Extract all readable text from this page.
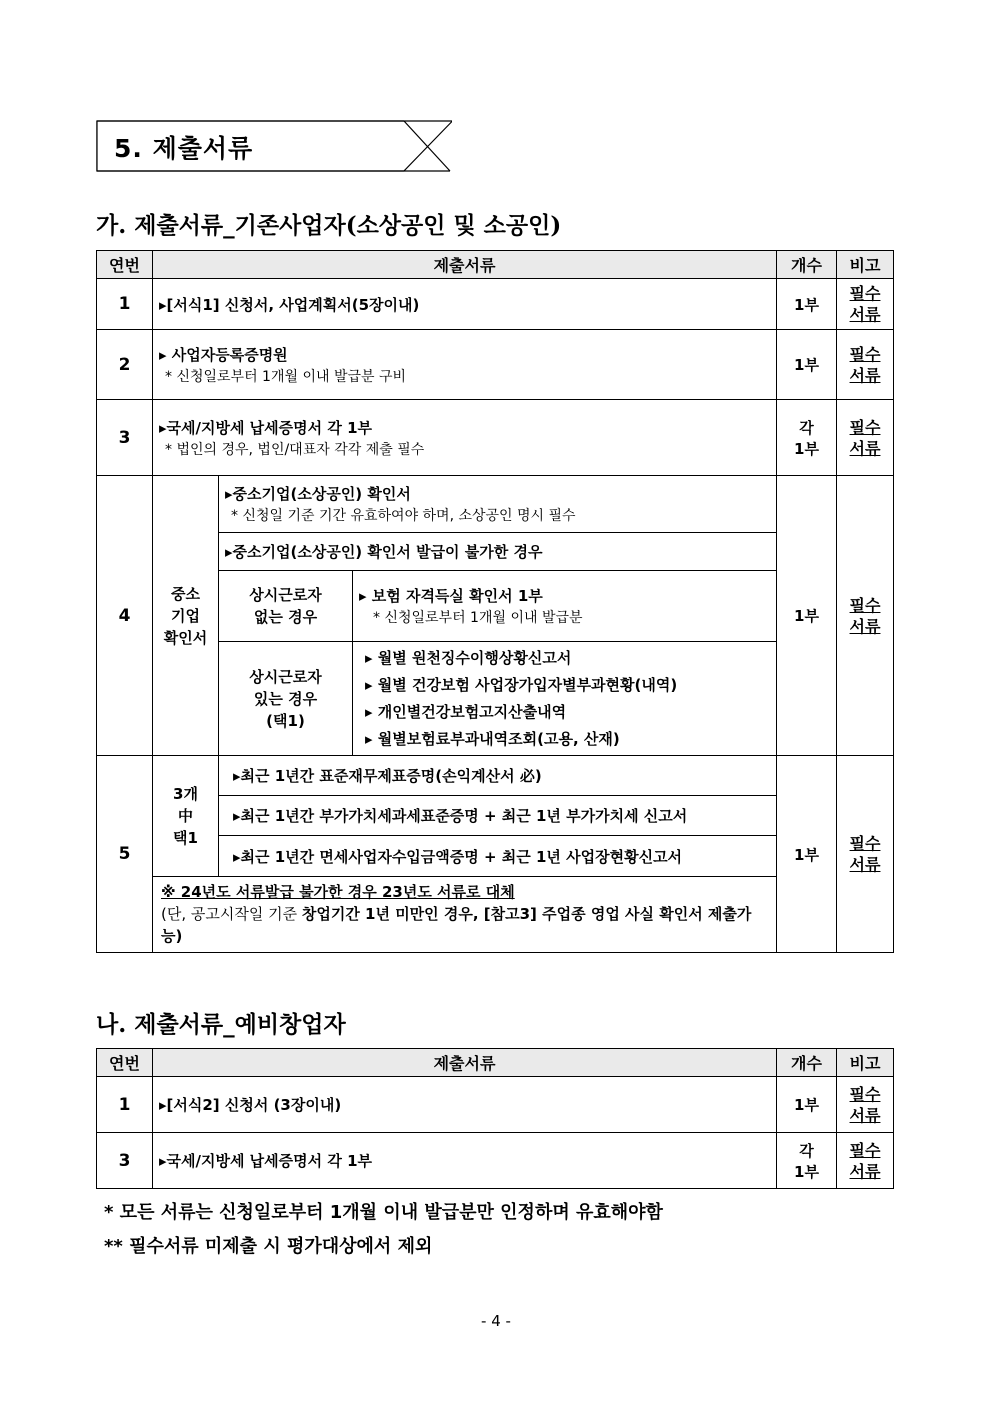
5. 제출서류
가. 제출서류_기존사업자(소상공인 및 소공인)
연번	제출서류			개수	비고
1	▸[서식1] 신청서, 사업계획서(5장이내)			1부	필수
서류

2	▸ 사업자등록증명원
* 신청일로부터 1개월 이내 발급분 구비			1부	필수
서류

3	▸국세/지방세 납세증명서 각 1부
* 법인의 경우, 법인/대표자 각각 제출 필수			각
1부	필수
서류

4	중소
기업
확인서	▸중소기업(소상공인) 확인서
* 신청일 기준 기간 유효하여야 하며, 소상공인 명시 필수		1부	필수
서류

		▸중소기업(소상공인) 확인서 발급이 불가한 경우			

		상시근로자
없는 경우	▸ 보험 자격득실 확인서 1부
* 신청일로부터 1개월 이내 발급분		

		상시근로자
있는 경우
(택1)	▸ 월별 원천징수이행상황신고서
▸ 월별 건강보험 사업장가입자별부과현황(내역)
▸ 개인별건강보험고지산출내역
▸ 월별보험료부과내역조회(고용, 산재)		

5	3개
中
택1	▸최근 1년간 표준재무제표증명(손익계산서 必)		1부	필수
서류

		▸최근 1년간 부가가치세과세표준증명 + 최근 1년 부가가치세 신고서			
		▸최근 1년간 면세사업자수입금액증명 + 최근 1년 사업장현황신고서			
	※ 24년도 서류발급 불가한 경우 23년도 서류로 대체
(단, 공고시작일 기준 창업기간 1년 미만인 경우, [참고3] 주업종 영업 사실 확인서 제출가능)				
나. 제출서류_예비창업자
연번	제출서류	개수	비고
1	▸[서식2] 신청서 (3장이내)	1부	필수
서류

3	▸국세/지방세 납세증명서 각 1부	각
1부	필수
서류
* 모든 서류는 신청일로부터 1개월 이내 발급분만 인정하며 유효해야함
** 필수서류 미제출 시 평가대상에서 제외
- 4 -
